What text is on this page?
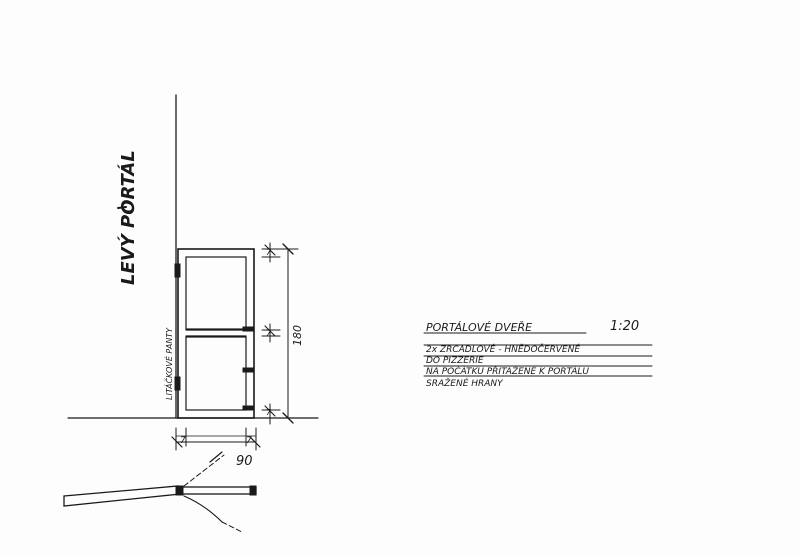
LEVÝ PORTÁL
LITÁČKOVÉ PANTY	180
7
7
7
7	7
90
PORTÁLOVÉ DVEŘE	1:20
2x ZRCADLOVÉ - HNĚDOČERVENÉ
DO PIZZERIE
NA POČÁTKU PŘITAŽENÉ K PORTÁLU
SRAŽENÉ HRANY
